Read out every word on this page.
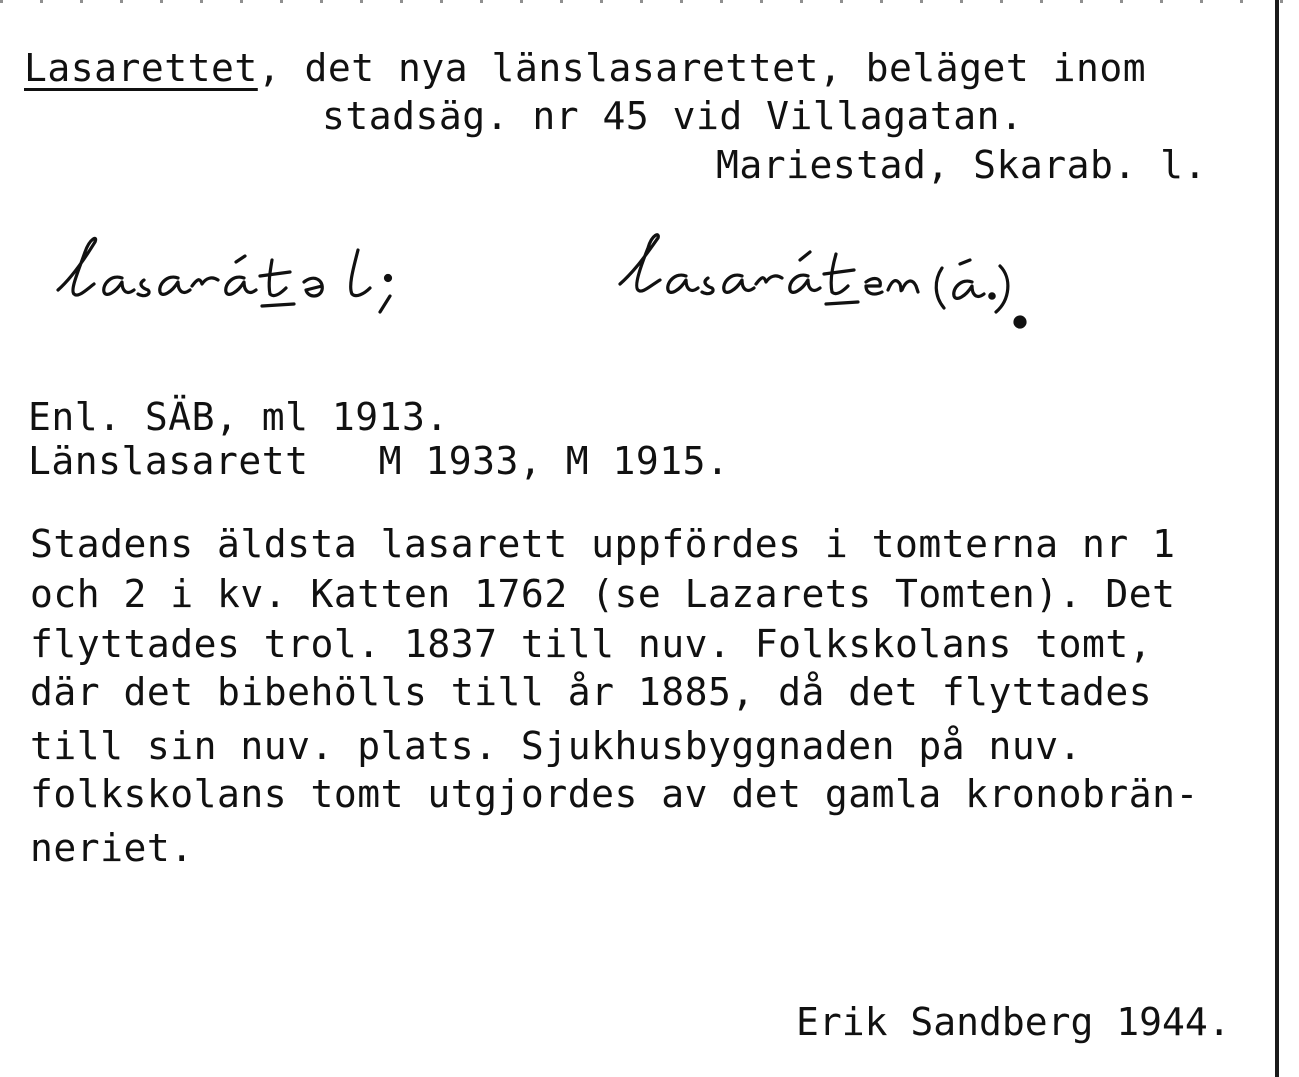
Lasarettet, det nya länslasarettet, beläget inom
stadsäg. nr 45 vid Villagatan.
Mariestad, Skarab. l.
Enl. SÄB, ml 1913.
Länslasarett   M 1933, M 1915.
Stadens äldsta lasarett uppfördes i tomterna nr 1
och 2 i kv. Katten 1762 (se Lazarets Tomten). Det
flyttades trol. 1837 till nuv. Folkskolans tomt,
där det bibehölls till år 1885, då det flyttades
till sin nuv. plats. Sjukhusbyggnaden på nuv.
folkskolans tomt utgjordes av det gamla kronobrän-
neriet.
Erik Sandberg 1944.
